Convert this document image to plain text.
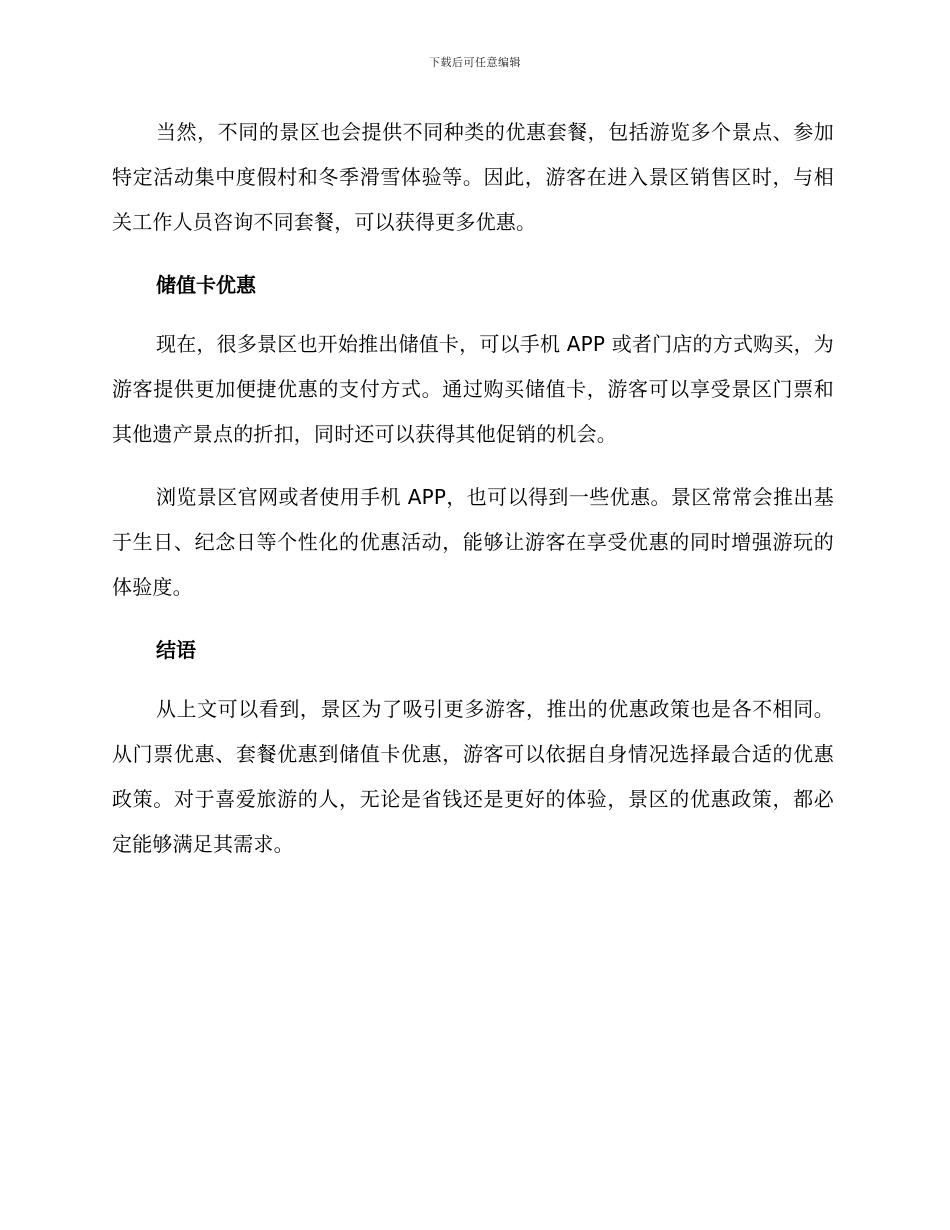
下载后可任意编辑

当然，不同的景区也会提供不同种类的优惠套餐，包括游览多个景点、参加特定活动集中度假村和冬季滑雪体验等。因此，游客在进入景区销售区时，与相关工作人员咨询不同套餐，可以获得更多优惠。

储值卡优惠

现在，很多景区也开始推出储值卡，可以手机 APP 或者门店的方式购买，为游客提供更加便捷优惠的支付方式。通过购买储值卡，游客可以享受景区门票和其他遗产景点的折扣，同时还可以获得其他促销的机会。

浏览景区官网或者使用手机 APP，也可以得到一些优惠。景区常常会推出基于生日、纪念日等个性化的优惠活动，能够让游客在享受优惠的同时增强游玩的体验度。

结语

从上文可以看到，景区为了吸引更多游客，推出的优惠政策也是各不相同。从门票优惠、套餐优惠到储值卡优惠，游客可以依据自身情况选择最合适的优惠政策。对于喜爱旅游的人，无论是省钱还是更好的体验，景区的优惠政策，都必定能够满足其需求。
